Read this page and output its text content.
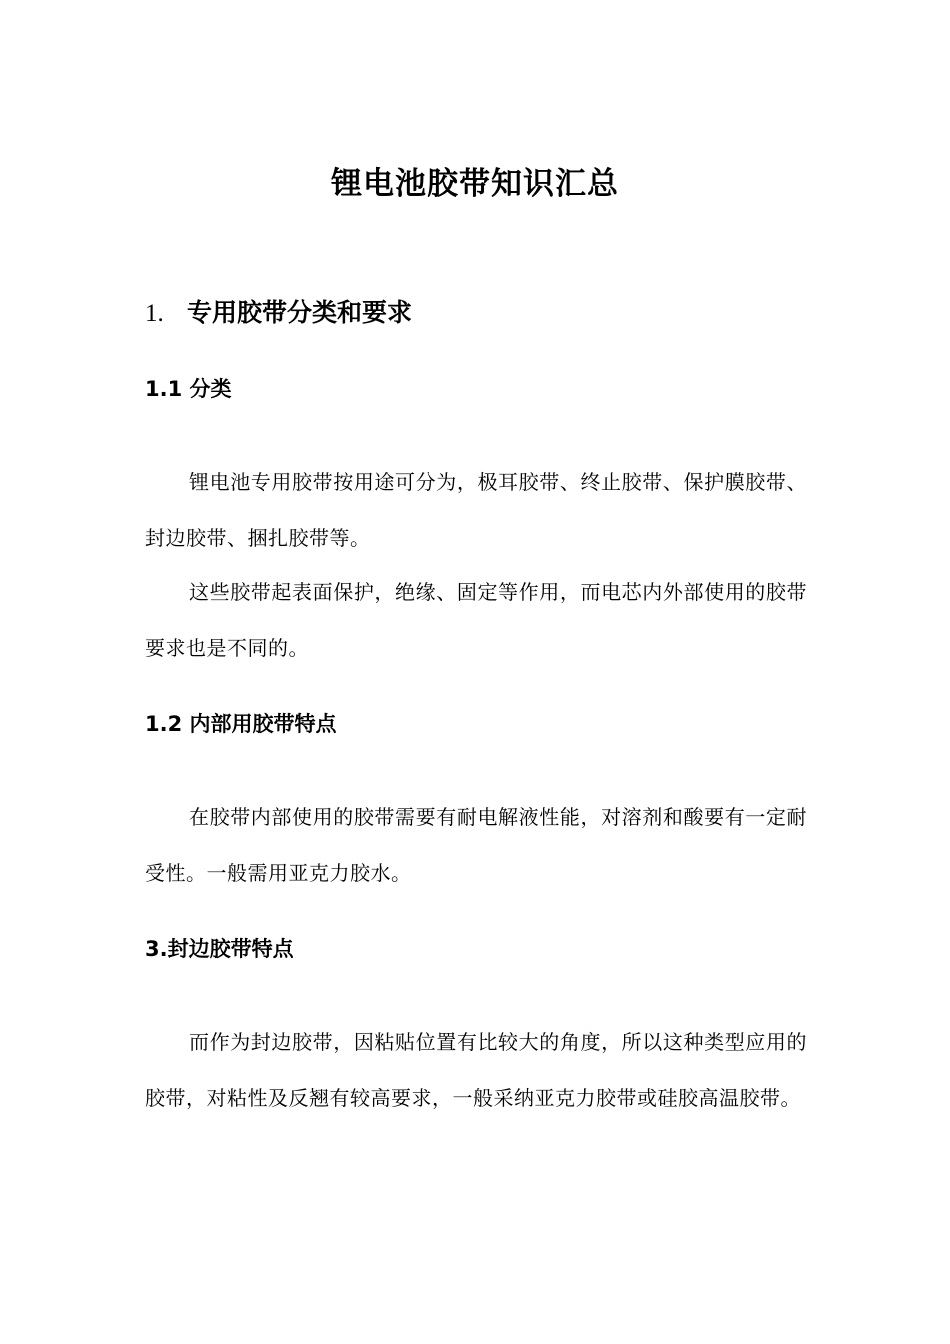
锂电池胶带知识汇总
1. 专用胶带分类和要求
1.1 分类

锂电池专用胶带按用途可分为，极耳胶带、终止胶带、保护膜胶带、封边胶带、捆扎胶带等。

这些胶带起表面保护，绝缘、固定等作用，而电芯内外部使用的胶带要求也是不同的。

1.2 内部用胶带特点

在胶带内部使用的胶带需要有耐电解液性能，对溶剂和酸要有一定耐受性。一般需用亚克力胶水。

3.封边胶带特点

而作为封边胶带，因粘贴位置有比较大的角度，所以这种类型应用的胶带，对粘性及反翘有较高要求，一般采纳亚克力胶带或硅胶高温胶带。
